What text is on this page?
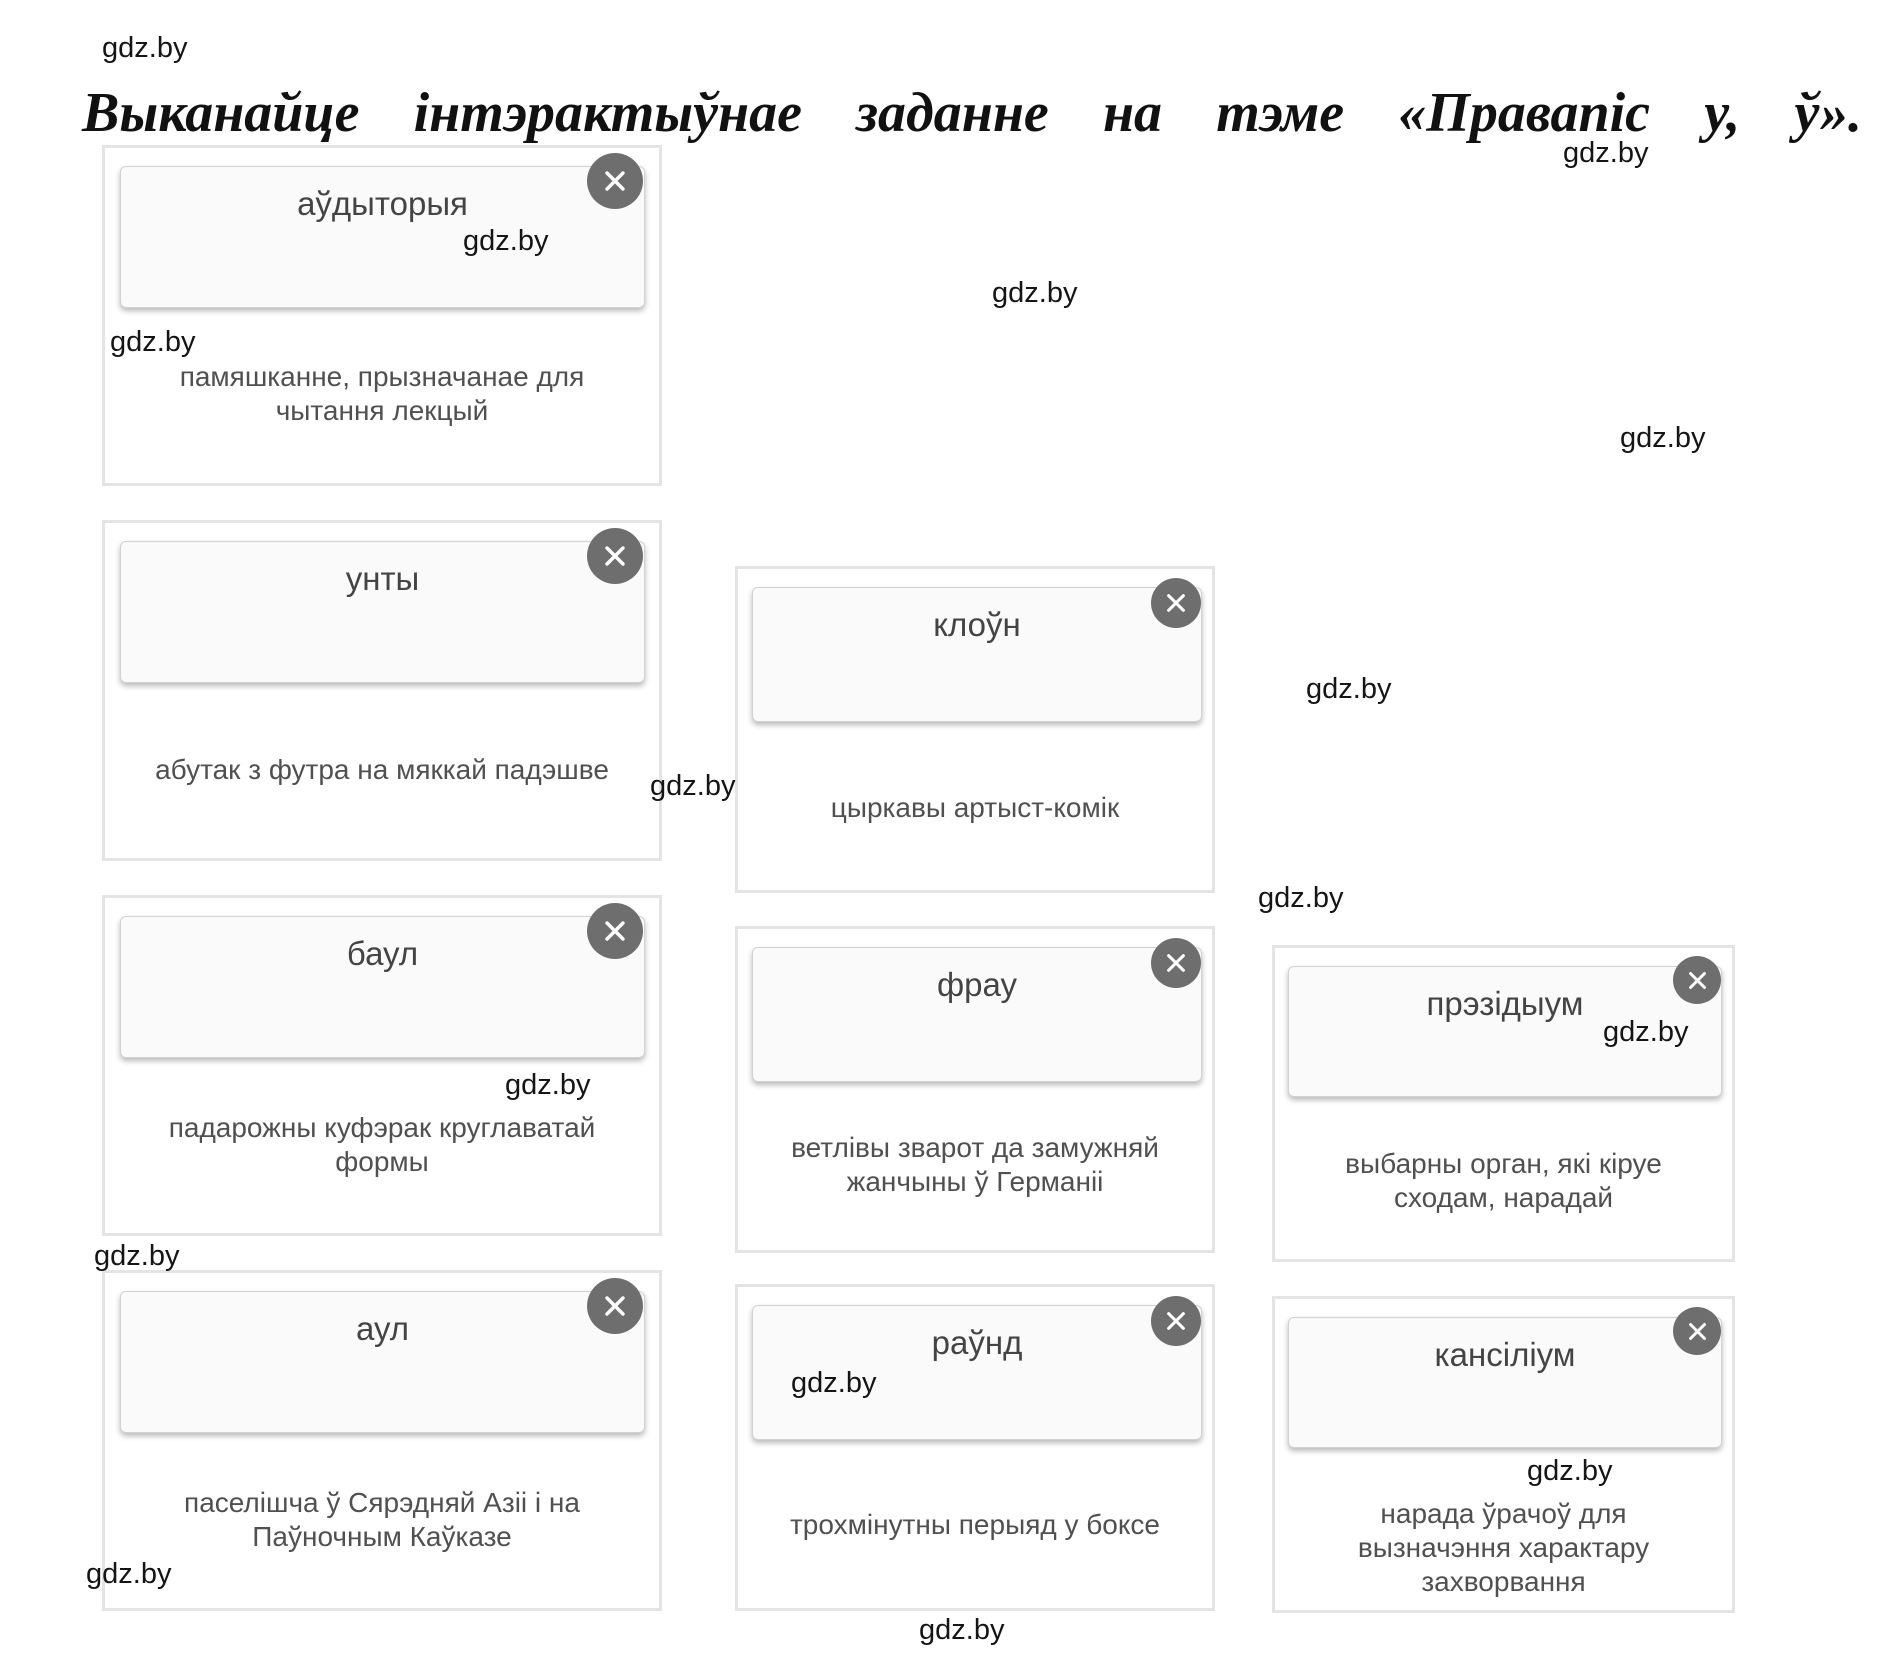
Выканайце інтэрактыўнае заданне на тэме «Правапіс у, ў».
аўдыторыя
памяшканне, прызначанае для чытання лекцый
унты
абутак з футра на мяккай падэшве
баул
падарожны куфэрак круглаватай формы
аул
паселішча ў Сярэдняй Азіі і на Паўночным Каўказе
клоўн
цыркавы артыст-комік
фрау
ветлівы зварот да замужняй жанчыны ў Германіі
раўнд
трохмінутны перыяд у боксе
прэзідыум
выбарны орган, які кіруе сходам, нарадай
кансіліум
нарада ўрачоў для вызначэння характару захворвання
gdz.by
gdz.by
gdz.by
gdz.by
gdz.by
gdz.by
gdz.by
gdz.by
gdz.by
gdz.by
gdz.by
gdz.by
gdz.by
gdz.by
gdz.by
gdz.by
